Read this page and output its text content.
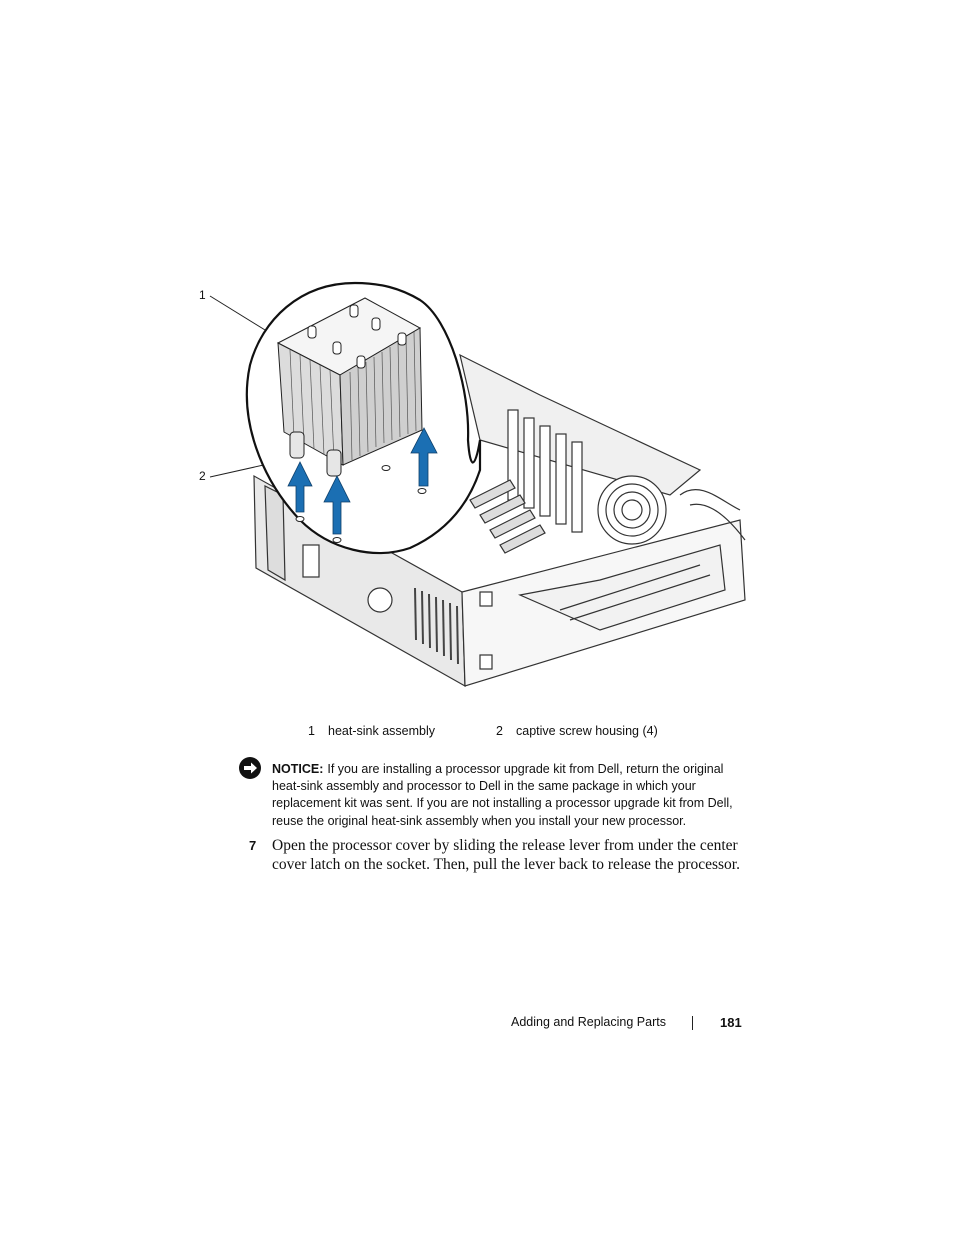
1
2
1 heat-sink assembly	2 captive screw housing (4)
NOTICE: If you are installing a processor upgrade kit from Dell, return the original heat-sink assembly and processor to Dell in the same package in which your replacement kit was sent. If you are not installing a processor upgrade kit from Dell, reuse the original heat-sink assembly when you install your new processor.
7 Open the processor cover by sliding the release lever from under the center cover latch on the socket. Then, pull the lever back to release the processor.
Adding and Replacing Parts	181
